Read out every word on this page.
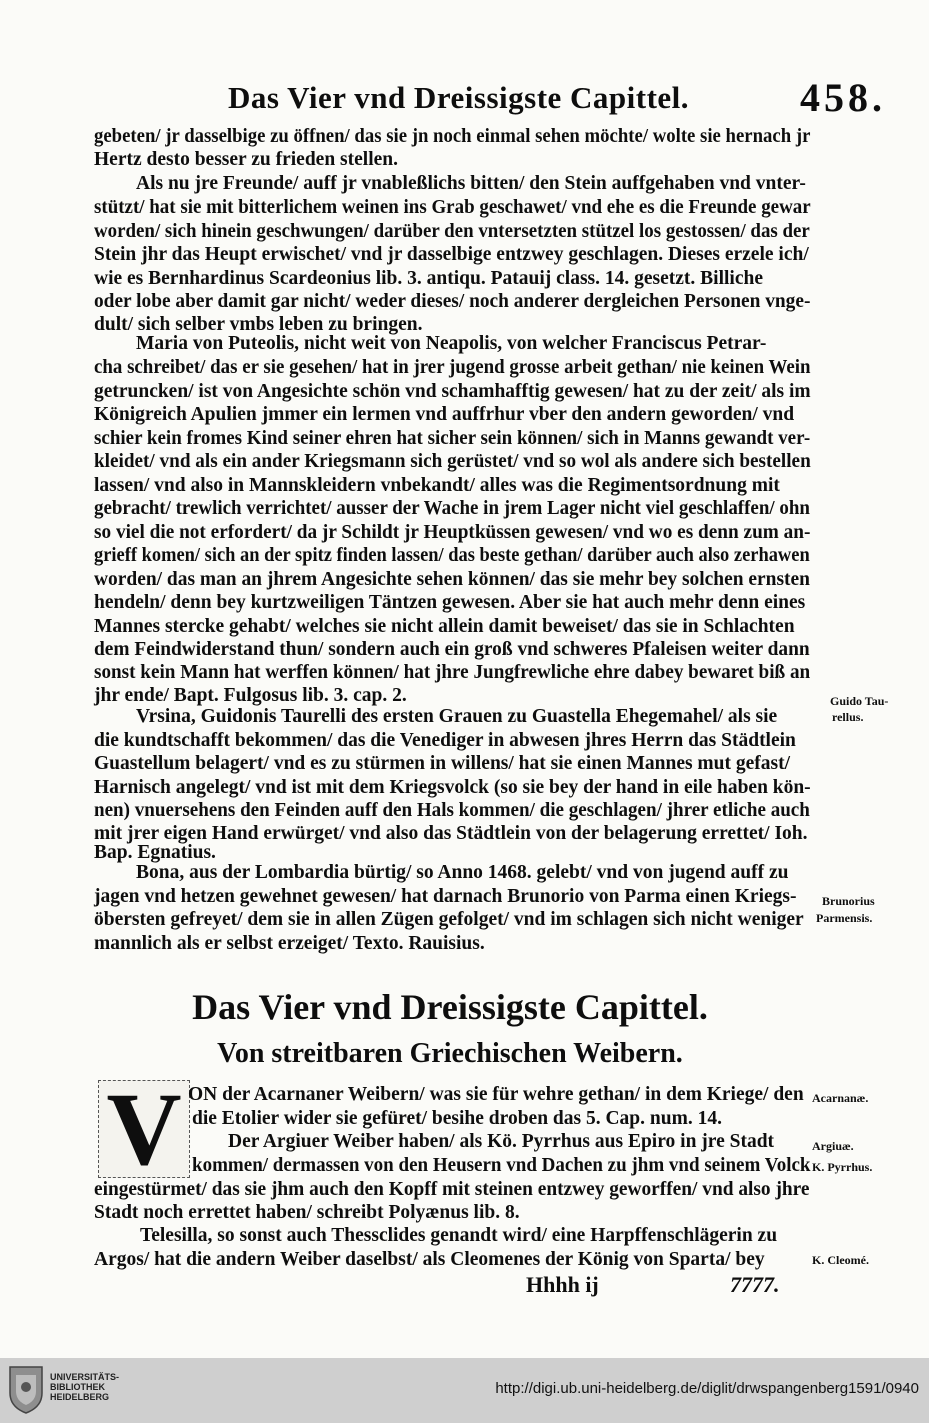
Das Vier vnd Dreissigste Capittel.	458.
gebeten/ jr dasselbige zu öffnen/ das sie jn noch einmal sehen möchte/ wolte sie hernach jr
Hertz desto besser zu frieden stellen.
Als nu jre Freunde/ auff jr vnableßlichs bitten/ den Stein auffgehaben vnd vnter-
stützt/ hat sie mit bitterlichem weinen ins Grab geschawet/ vnd ehe es die Freunde gewar
worden/ sich hinein geschwungen/ darüber den vntersetzten stützel los gestossen/ das der
Stein jhr das Heupt erwischet/ vnd jr dasselbige entzwey geschlagen. Dieses erzele ich/
wie es Bernhardinus Scardeonius lib. 3. antiqu. Patauij class. 14. gesetzt. Billiche
oder lobe aber damit gar nicht/ weder dieses/ noch anderer dergleichen Personen vnge-
dult/ sich selber vmbs leben zu bringen.
Maria von Puteolis, nicht weit von Neapolis, von welcher Franciscus Petrar-
cha schreibet/ das er sie gesehen/ hat in jrer jugend grosse arbeit gethan/ nie keinen Wein
getruncken/ ist von Angesichte schön vnd schamhafftig gewesen/ hat zu der zeit/ als im
Königreich Apulien jmmer ein lermen vnd auffrhur vber den andern geworden/ vnd
schier kein fromes Kind seiner ehren hat sicher sein können/ sich in Manns gewandt ver-
kleidet/ vnd als ein ander Kriegsmann sich gerüstet/ vnd so wol als andere sich bestellen
lassen/ vnd also in Mannskleidern vnbekandt/ alles was die Regimentsordnung mit
gebracht/ trewlich verrichtet/ ausser der Wache in jrem Lager nicht viel geschlaffen/ ohn
so viel die not erfordert/ da jr Schildt jr Heuptküssen gewesen/ vnd wo es denn zum an-
grieff komen/ sich an der spitz finden lassen/ das beste gethan/ darüber auch also zerhawen
worden/ das man an jhrem Angesichte sehen können/ das sie mehr bey solchen ernsten
hendeln/ denn bey kurtzweiligen Täntzen gewesen. Aber sie hat auch mehr denn eines
Mannes stercke gehabt/ welches sie nicht allein damit beweiset/ das sie in Schlachten
dem Feindwiderstand thun/ sondern auch ein groß vnd schweres Pfaleisen weiter dann
sonst kein Mann hat werffen können/ hat jhre Jungfrewliche ehre dabey bewaret biß an
jhr ende/ Bapt. Fulgosus lib. 3. cap. 2.
Vrsina, Guidonis Taurelli des ersten Grauen zu Guastella Ehegemahel/ als sie
die kundtschafft bekommen/ das die Venediger in abwesen jhres Herrn das Städtlein
Guastellum belagert/ vnd es zu stürmen in willens/ hat sie einen Mannes mut gefast/
Harnisch angelegt/ vnd ist mit dem Kriegsvolck (so sie bey der hand in eile haben kön-
nen) vnuersehens den Feinden auff den Hals kommen/ die geschlagen/ jhrer etliche auch
mit jrer eigen Hand erwürget/ vnd also das Städtlein von der belagerung errettet/ Ioh.
Bap. Egnatius.
Bona, aus der Lombardia bürtig/ so Anno 1468. gelebt/ vnd von jugend auff zu
jagen vnd hetzen gewehnet gewesen/ hat darnach Brunorio von Parma einen Kriegs-
öbersten gefreyet/ dem sie in allen Zügen gefolget/ vnd im schlagen sich nicht weniger
mannlich als er selbst erzeiget/ Texto. Rauisius.
Guido Tau-
rellus.
Brunorius
Parmensis.
Das Vier vnd Dreissigste Capittel.
Von streitbaren Griechischen Weibern.
V ON der Acarnaner Weibern/ was sie für wehre gethan/ in dem Kriege/ den
die Etolier wider sie gefüret/ besihe droben das 5. Cap. num. 14.
Der Argiuer Weiber haben/ als Kö. Pyrrhus aus Epiro in jre Stadt
kommen/ dermassen von den Heusern vnd Dachen zu jhm vnd seinem Volck
eingestürmet/ das sie jhm auch den Kopff mit steinen entzwey geworffen/ vnd also jhre
Stadt noch errettet haben/ schreibt Polyænus lib. 8.
Telesilla, so sonst auch Thessclides genandt wird/ eine Harpffenschlägerin zu
Argos/ hat die andern Weiber daselbst/ als Cleomenes der König von Sparta/ bey
Acarnanæ.
Argiuæ.
K. Pyrrhus.
K. Cleomé.
Hhhh ij	7777.
UNIVERSITÄTS-
BIBLIOTHEK
HEIDELBERG	http://digi.ub.uni-heidelberg.de/diglit/drwspangenberg1591/0940
